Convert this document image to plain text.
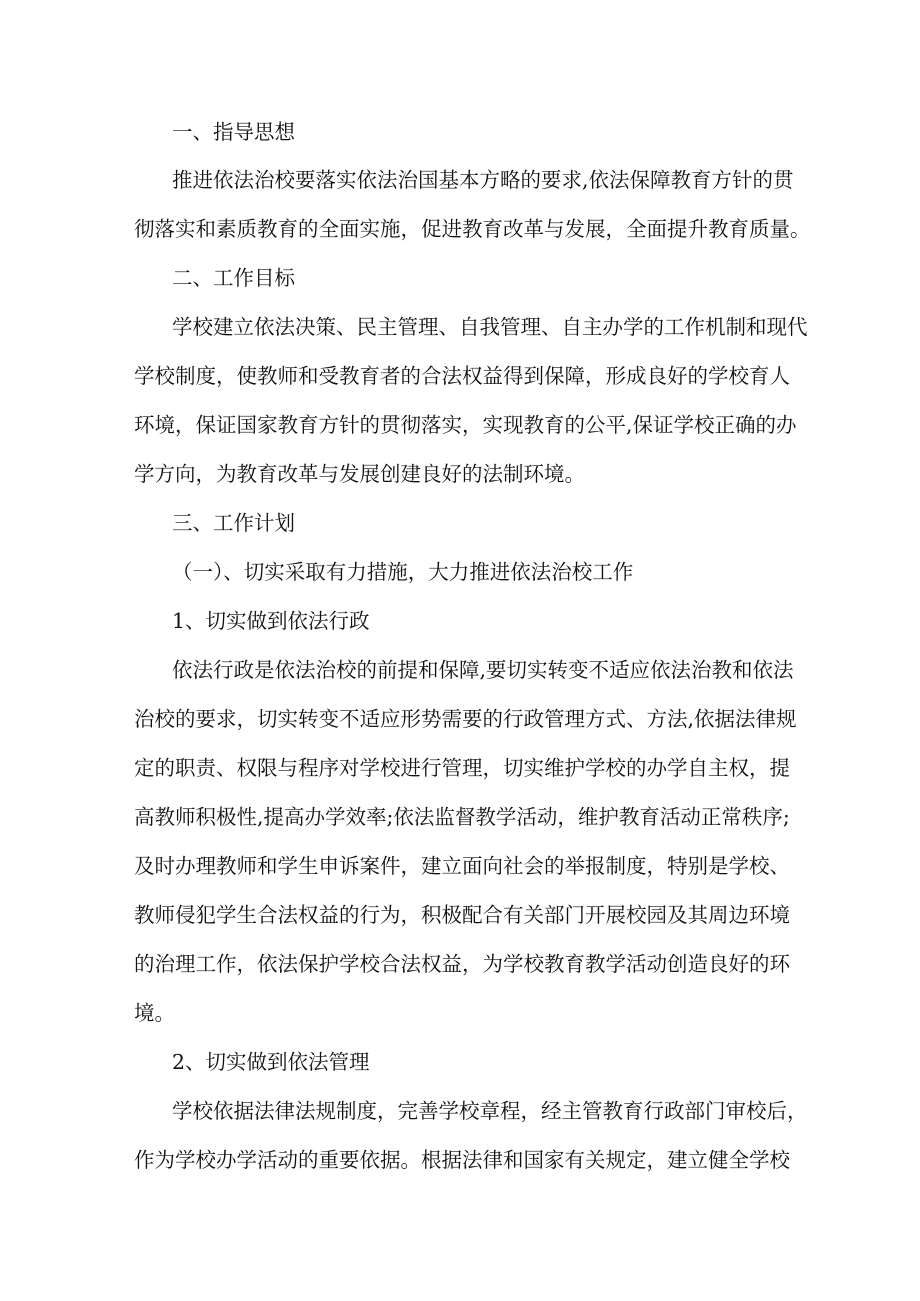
一、指导思想
推进依法治校要落实依法治国基本方略的要求,依法保障教育方针的贯
彻落实和素质教育的全面实施，促进教育改革与发展，全面提升教育质量。
二、工作目标
学校建立依法决策、民主管理、自我管理、自主办学的工作机制和现代
学校制度，使教师和受教育者的合法权益得到保障，形成良好的学校育人
环境，保证国家教育方针的贯彻落实，实现教育的公平,保证学校正确的办
学方向，为教育改革与发展创建良好的法制环境。
三、工作计划
（一）、切实采取有力措施，大力推进依法治校工作
1、切实做到依法行政
依法行政是依法治校的前提和保障,要切实转变不适应依法治教和依法
治校的要求，切实转变不适应形势需要的行政管理方式、方法,依据法律规
定的职责、权限与程序对学校进行管理，切实维护学校的办学自主权，提
高教师积极性,提高办学效率;依法监督教学活动，维护教育活动正常秩序;
及时办理教师和学生申诉案件，建立面向社会的举报制度，特别是学校、
教师侵犯学生合法权益的行为，积极配合有关部门开展校园及其周边环境
的治理工作，依法保护学校合法权益，为学校教育教学活动创造良好的环
境。
2、切实做到依法管理
学校依据法律法规制度，完善学校章程，经主管教育行政部门审校后，
作为学校办学活动的重要依据。根据法律和国家有关规定，建立健全学校
